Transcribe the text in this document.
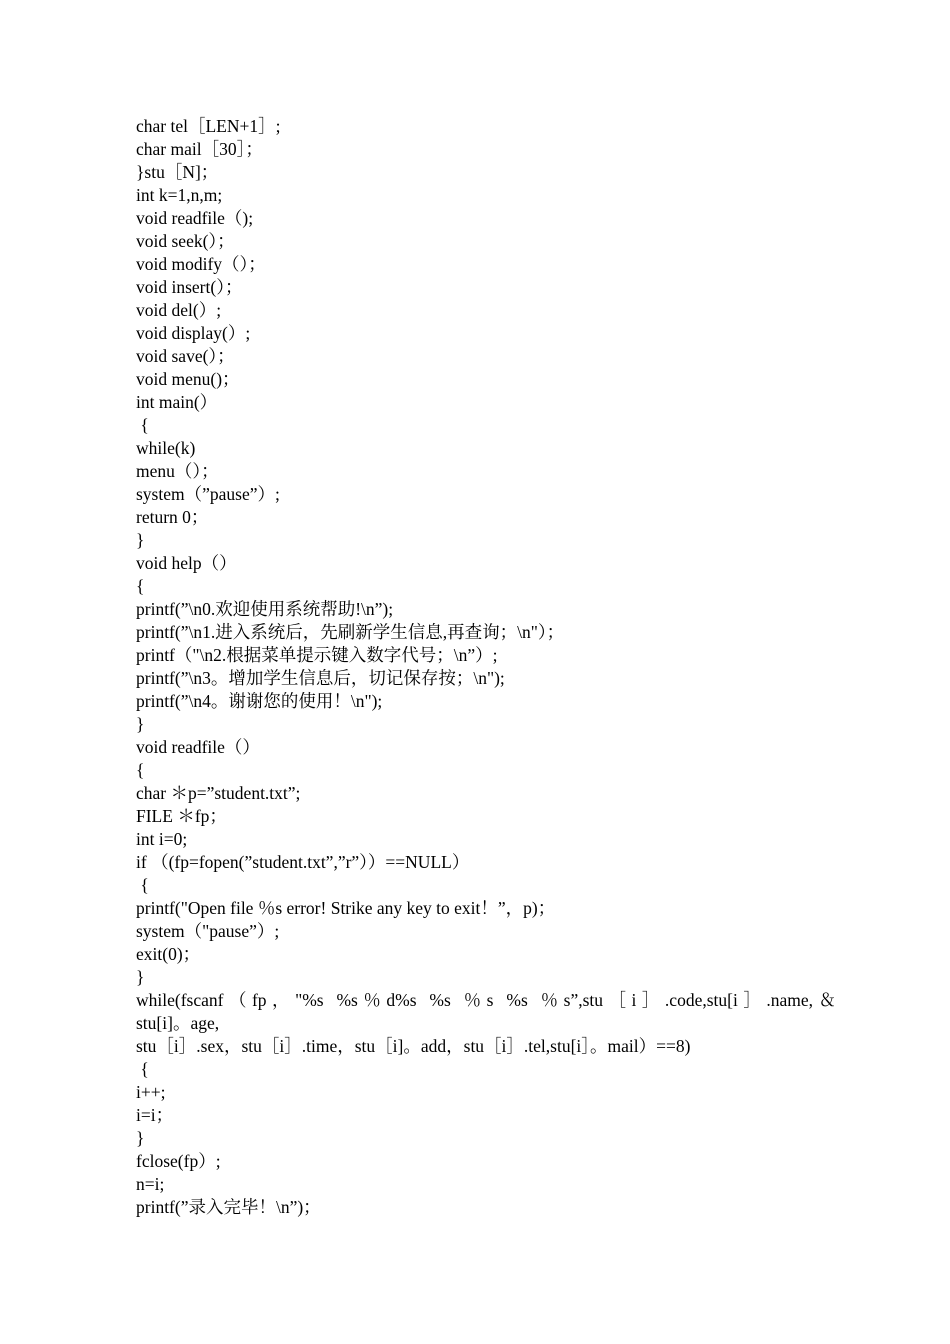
char tel［LEN+1］;
char mail［30］；
}stu［N]；
int k=1,n,m;
void readfile（);
void seek(）；
void modify（）；
void insert(）；
void del(）;
void display(）;
void save(）；
void menu()；
int main(）
{
while(k)
menu（）；
system（”pause”）;
return 0；
}
void help（）
{
printf(”\n0.欢迎使用系统帮助!\n”);
printf(”\n1.进入系统后，先刷新学生信息,再查询；\n"）；
printf（"\n2.根据菜单提示键入数字代号；\n”）;
printf(”\n3。增加学生信息后，切记保存按；\n");
printf(”\n4。谢谢您的使用！\n");
}
void readfile（）
{
char ＊p=”student.txt”;
FILE ＊fp；
int i=0;
if （(fp=fopen(”student.txt”,”r”））==NULL）
{
printf("Open file ％s error! Strike any key to exit！”，p)；
system（"pause”）;
exit(0)；
}
while(fscanf（fp，"%s %s％d%s %s ％s %s ％s”,stu［i］.code,stu[i］.name,＆
stu[i]。age,
stu［i］.sex，stu［i］.time，stu［i]。add，stu［i］.tel,stu[i］。mail）==8)
{
i++;
i=i；
}
fclose(fp）;
n=i;
printf(”录入完毕！\n”)；
